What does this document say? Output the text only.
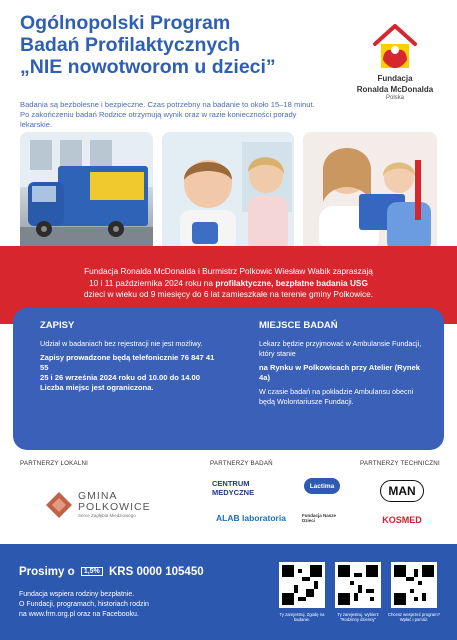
Ogólnopolski Program
Badań Profilaktycznych
„NIE nowotworom u dzieci”

Badania są bezbolesne i bezpieczne. Czas potrzebny na badanie to około 15–18 minut. Po zakończeniu badań Rodzice otrzymują wynik oraz w razie konieczności porady lekarskie.

Fundacja
Ronalda McDonalda
Polska

Fundacja Ronalda McDonalda i Burmistrz Polkowic Wiesław Wabik zapraszają
10 i 11 października 2024 roku na profilaktyczne, bezpłatne badania USG
dzieci w wieku od 9 miesięcy do 6 lat zamieszkałe na terenie gminy Polkowice.

ZAPISY

Udział w badaniach bez rejestracji nie jest możliwy.

Zapisy prowadzone będą telefonicznie 76 847 41 55

25 i 26 września 2024 roku od 10.00 do 14.00

Liczba miejsc jest ograniczona.

MIEJSCE BADAŃ

Lekarz będzie przyjmować w Ambulansie Fundacji, który stanie

na Rynku w Polkowicach przy Atelier (Rynek 4a)

W czasie badań na pokładzie Ambulansu obecni będą Wolontariusze Fundacji.

PARTNERZY LOKALNI	PARTNERZY BADAŃ	PARTNERZY TECHNICZNI
GMINA
POLKOWICE
Serce Zagłębia Miedziowego
CENTRUM MEDYCZNE
Lactima
ALAB laboratoria	Fundacja Nasze Dzieci
MAN
KOSMED
Prosimy o 1,5% KRS 0000 105450
Fundacja wspiera rodziny bezpłatnie.
O Fundacji, programach, historiach rodzin
na www.frm.org.pl oraz na Facebooku.	Ty zarejestruj. Zgodę na badanie.
Ty zarejestruj. wybierz "Rodzinny dzienny"
Chcesz wesprzeć program? Wpłać i pomóż.
